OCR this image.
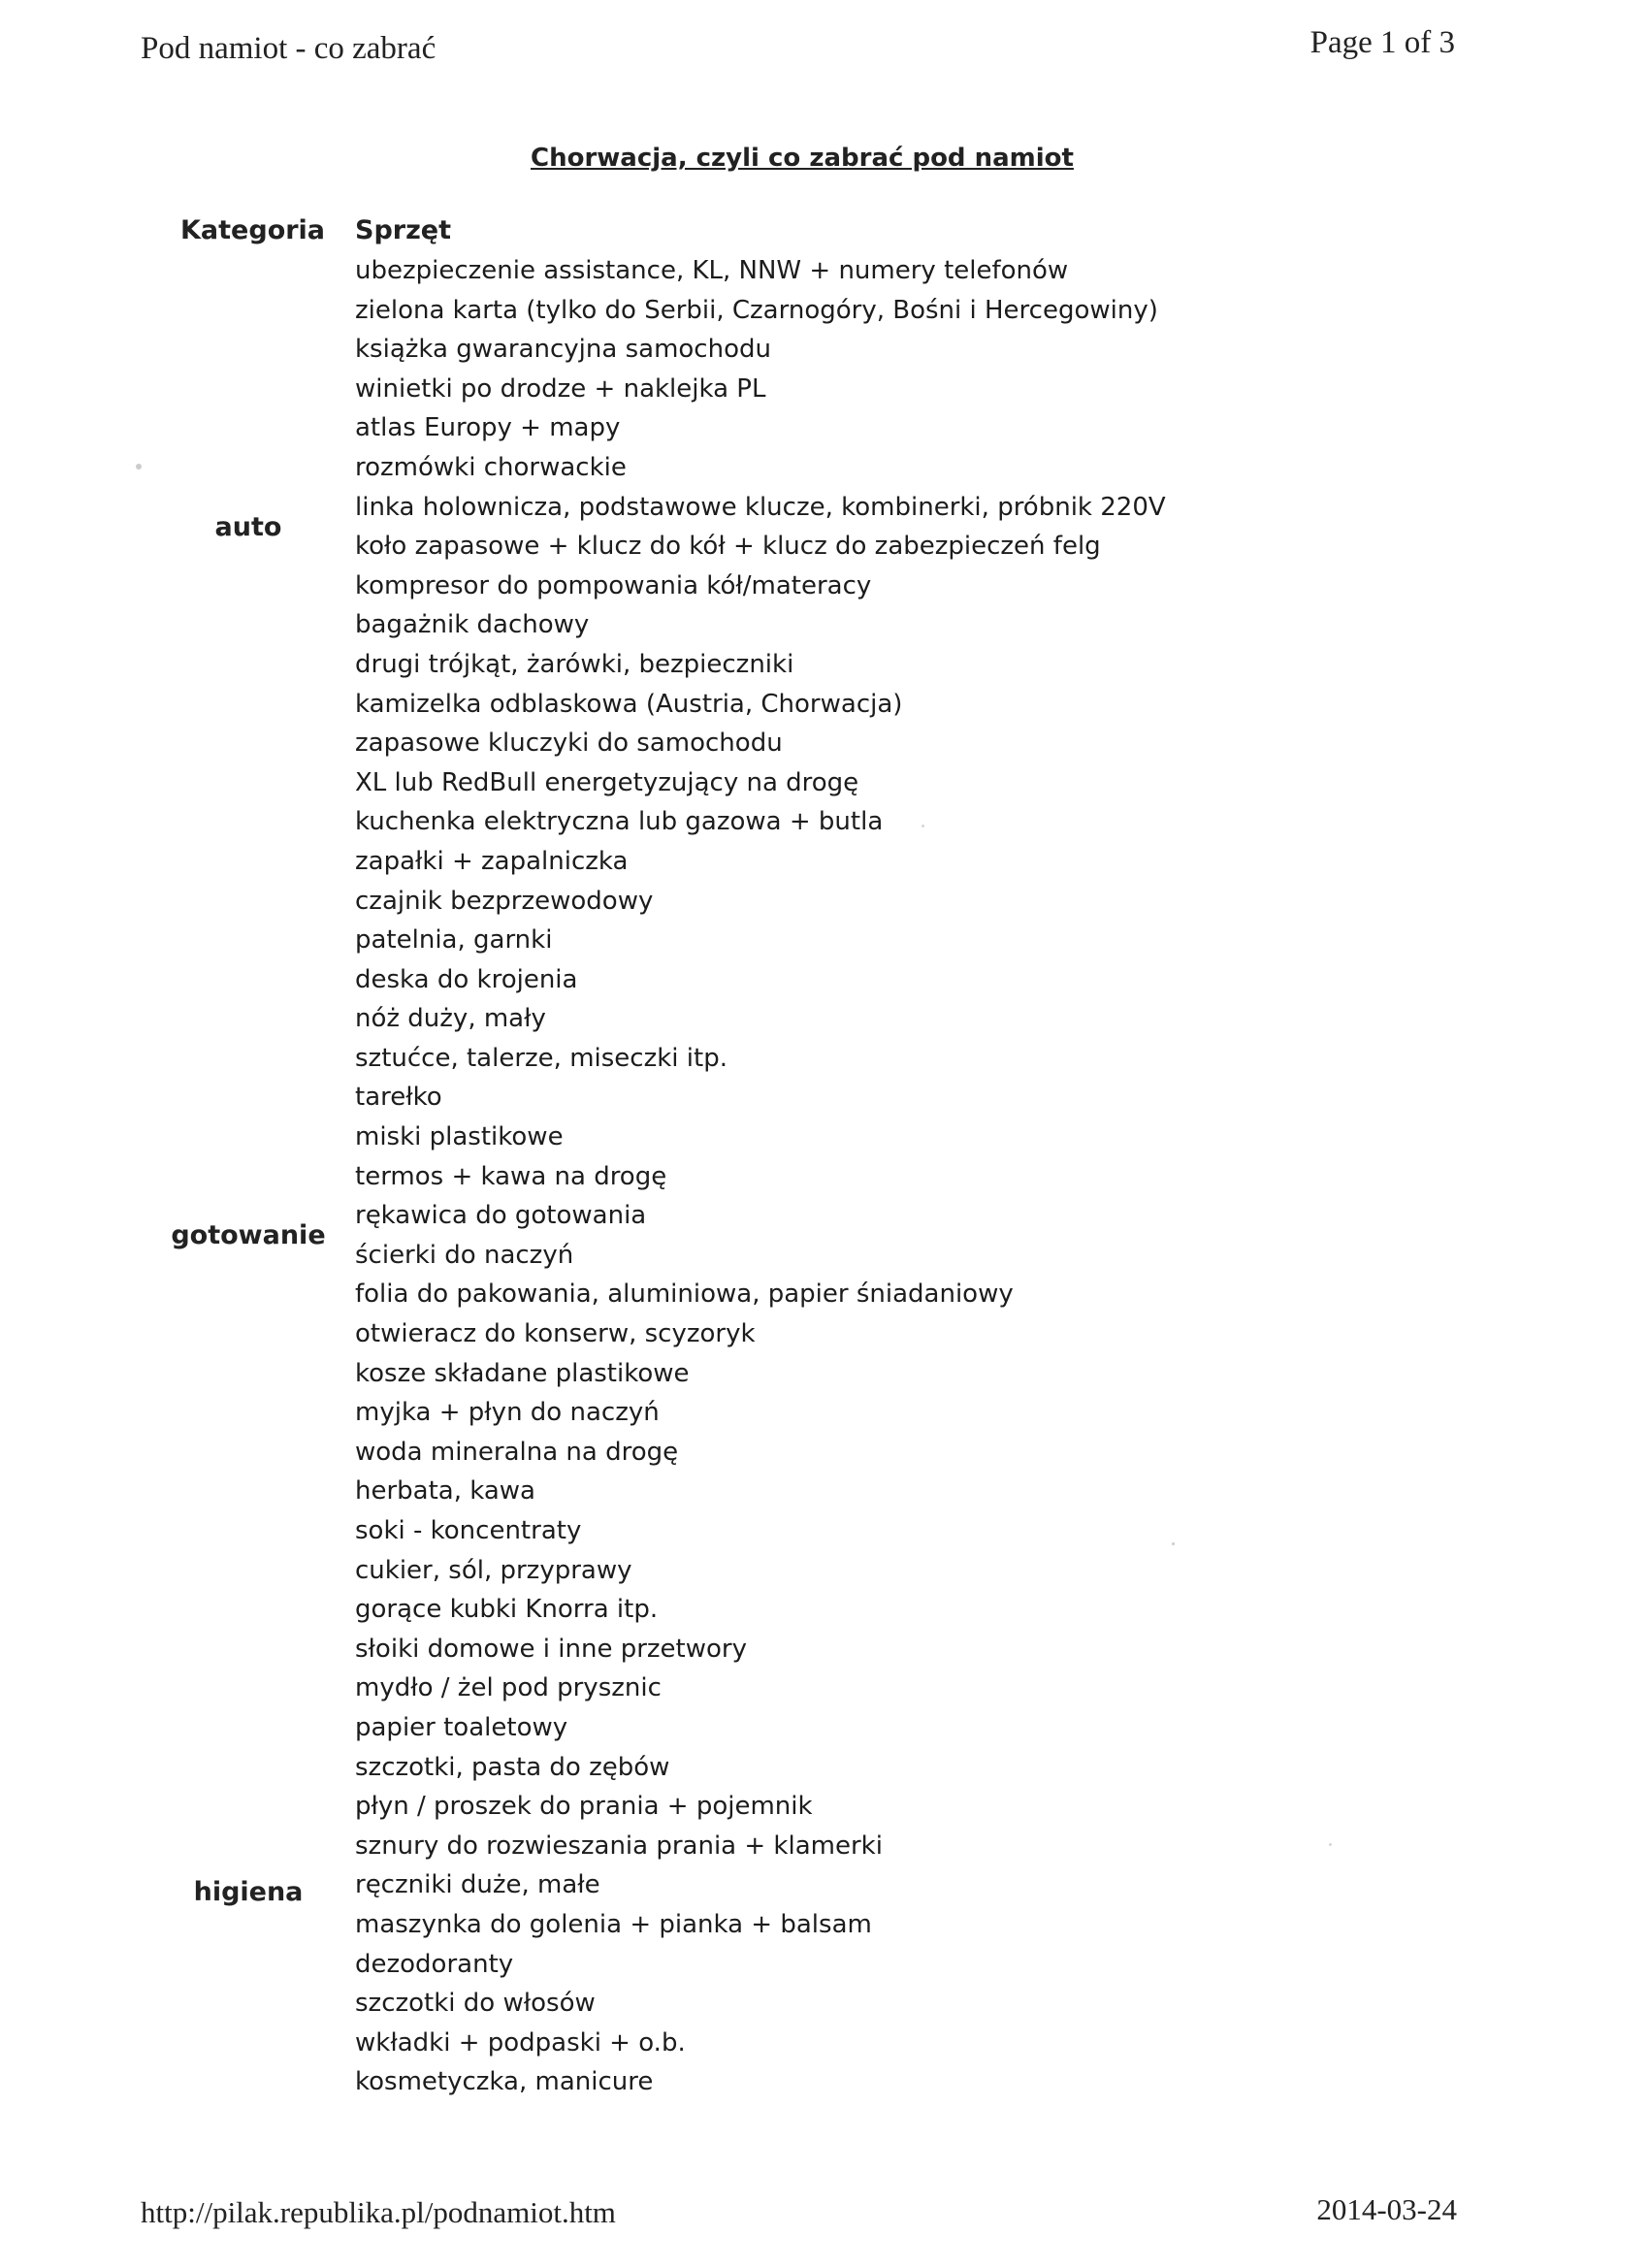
Pod namiot - co zabrać	Page 1 of 3
Chorwacja, czyli co zabrać pod namiot
Kategoria Sprzęt
auto
gotowanie
higiena
ubezpieczenie assistance, KL, NNW + numery telefonów
zielona karta (tylko do Serbii, Czarnogóry, Bośni i Hercegowiny)
książka gwarancyjna samochodu
winietki po drodze + naklejka PL
atlas Europy + mapy
rozmówki chorwackie
linka holownicza, podstawowe klucze, kombinerki, próbnik 220V
koło zapasowe + klucz do kół + klucz do zabezpieczeń felg
kompresor do pompowania kół/materacy
bagażnik dachowy
drugi trójkąt, żarówki, bezpieczniki
kamizelka odblaskowa (Austria, Chorwacja)
zapasowe kluczyki do samochodu
XL lub RedBull energetyzujący na drogę
kuchenka elektryczna lub gazowa + butla
zapałki + zapalniczka
czajnik bezprzewodowy
patelnia, garnki
deska do krojenia
nóż duży, mały
sztućce, talerze, miseczki itp.
tarełko
miski plastikowe
termos + kawa na drogę
rękawica do gotowania
ścierki do naczyń
folia do pakowania, aluminiowa, papier śniadaniowy
otwieracz do konserw, scyzoryk
kosze składane plastikowe
myjka + płyn do naczyń
woda mineralna na drogę
herbata, kawa
soki - koncentraty
cukier, sól, przyprawy
gorące kubki Knorra itp.
słoiki domowe i inne przetwory
mydło / żel pod prysznic
papier toaletowy
szczotki, pasta do zębów
płyn / proszek do prania + pojemnik
sznury do rozwieszania prania + klamerki
ręczniki duże, małe
maszynka do golenia + pianka + balsam
dezodoranty
szczotki do włosów
wkładki + podpaski + o.b.
kosmetyczka, manicure
http://pilak.republika.pl/podnamiot.htm	2014-03-24
